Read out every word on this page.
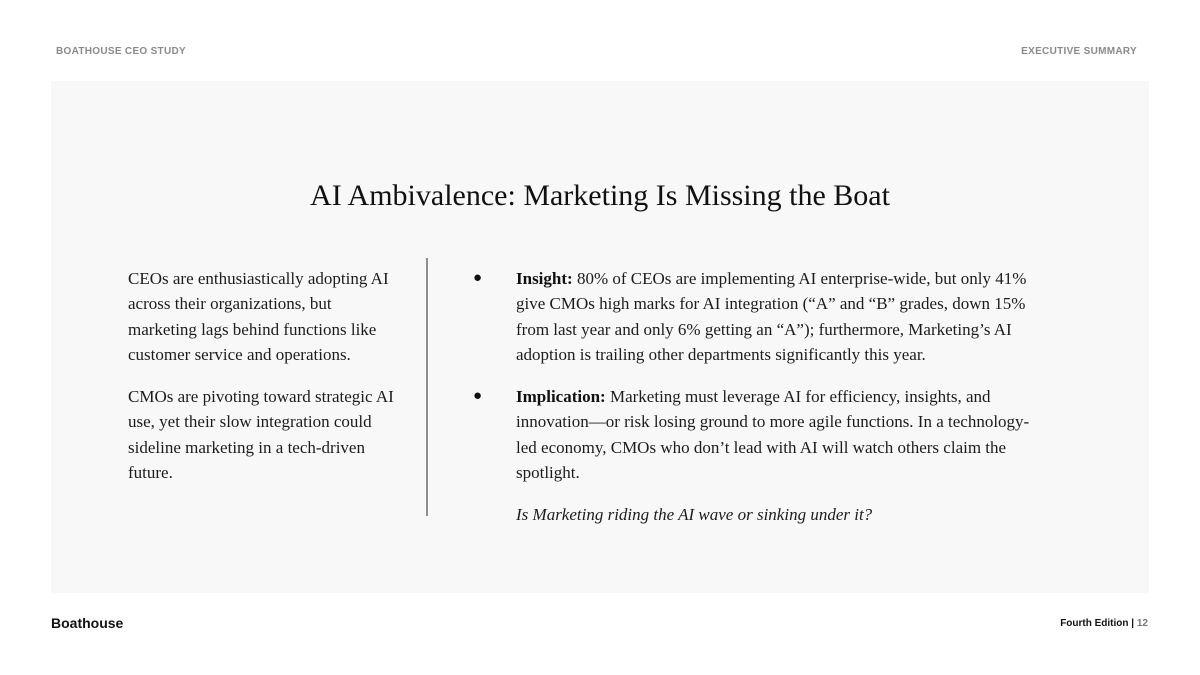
BOATHOUSE CEO STUDY	EXECUTIVE SUMMARY
AI Ambivalence: Marketing Is Missing the Boat

CEOs are enthusiastically adopting AI across their organizations, but marketing lags behind functions like customer service and operations.

CMOs are pivoting toward strategic AI use, yet their slow integration could sideline marketing in a tech-driven future.

● Insight: 80% of CEOs are implementing AI enterprise-wide, but only 41% give CMOs high marks for AI integration (“A” and “B” grades, down 15% from last year and only 6% getting an “A”); furthermore, Marketing’s AI adoption is trailing other departments significantly this year.
● Implication: Marketing must leverage AI for efficiency, insights, and innovation—or risk losing ground to more agile functions. In a technology-led economy, CMOs who don’t lead with AI will watch others claim the spotlight.

Is Marketing riding the AI wave or sinking under it?

Boathouse	Fourth Edition | 12
